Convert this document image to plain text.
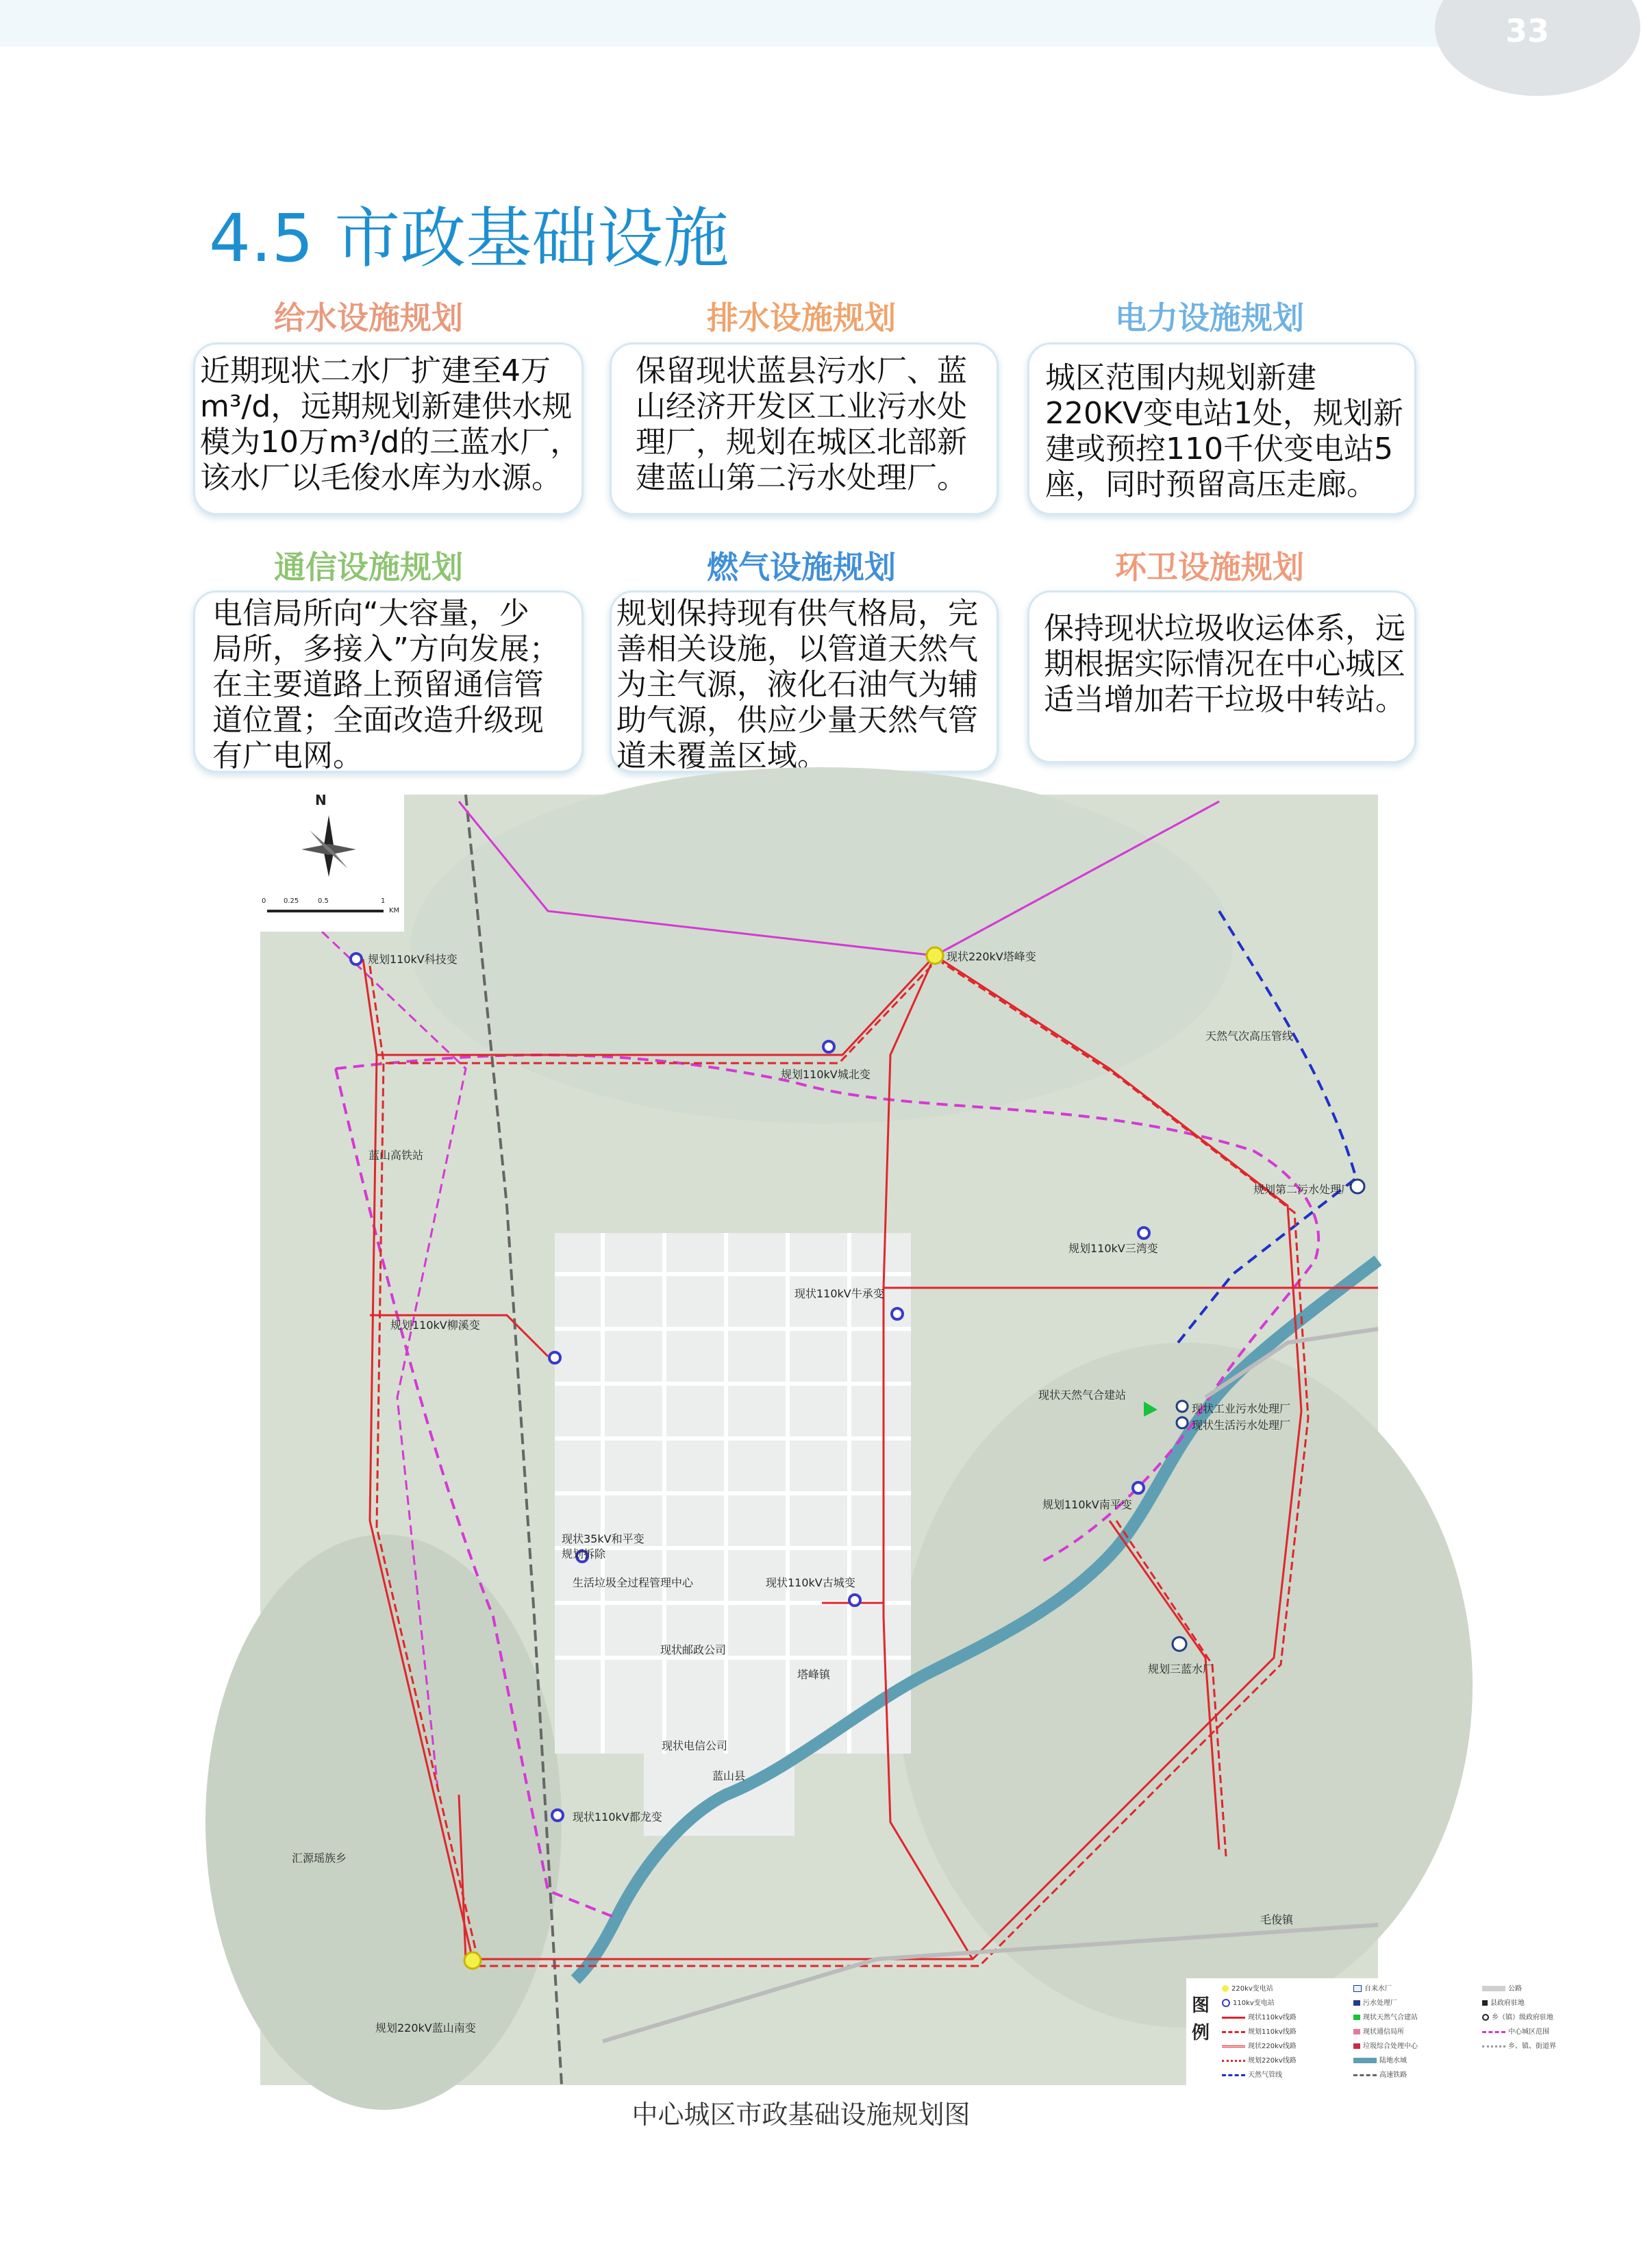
33
4.5 市政基础设施
给水设施规划
近期现状二水厂扩建至4万
m³/d，远期规划新建供水规
模为10万m³/d的三蓝水厂，
该水厂以毛俊水库为水源。
排水设施规划
保留现状蓝县污水厂、蓝
山经济开发区工业污水处
理厂，规划在城区北部新
建蓝山第二污水处理厂。
电力设施规划
城区范围内规划新建
220KV变电站1处，规划新
建或预控110千伏变电站5
座，同时预留高压走廊。
通信设施规划
电信局所向“大容量，少
局所，多接入”方向发展；
在主要道路上预留通信管
道位置；全面改造升级现
有广电网。
燃气设施规划
规划保持现有供气格局，完
善相关设施，以管道天然气
为主气源，液化石油气为辅
助气源，供应少量天然气管
道未覆盖区域。
环卫设施规划
保持现状垃圾收运体系，远
期根据实际情况在中心城区
适当增加若干垃圾中转站。
N
0	0.25	0.5	1
KM
规划110kV科技变	现状220kV塔峰变
规划110kV城北变
蓝山高铁站
天然气次高压管线
规划第二污水处理厂
规划110kV三湾变
现状110kV牛承变
规划110kV柳溪变
现状天然气合建站
现状工业污水处理厂
现状生活污水处理厂
规划110kV南平变
现状35kV和平变
规划拆除
生活垃圾全过程管理中心	现状110kV古城变
现状邮政公司
塔峰镇	规划三蓝水厂
现状电信公司
蓝山县
现状110kV都龙变
汇源瑶族乡
毛俊镇
规划220kV蓝山南变
图例
220kv变电站
110kv变电站
现状110kv线路
规划110kv线路
现状220kv线路
规划220kv线路
天然气管线
自来水厂
污水处理厂
现状天然气合建站
现状通信局所
垃圾综合处理中心
陆地水域
高速铁路
公路
县政府驻地
乡（镇）级政府驻地
中心城区范围
乡、镇、街道界
中心城区市政基础设施规划图
